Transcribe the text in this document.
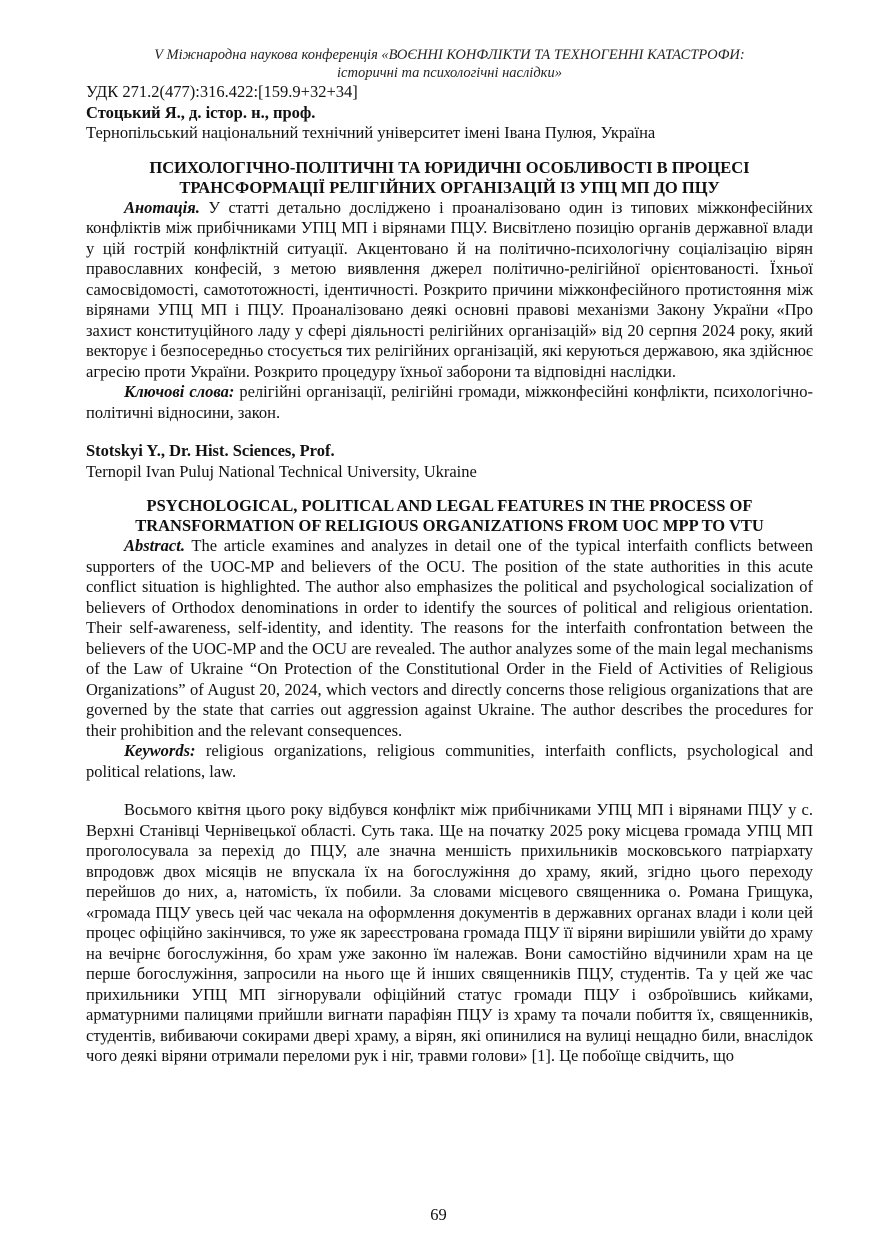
V Міжнародна наукова конференція «ВОЄННІ КОНФЛІКТИ ТА ТЕХНОГЕННІ КАТАСТРОФИ:

історичні та психологічні наслідки»

УДК 271.2(477):316.422:[159.9+32+34]

Стоцький Я., д. істор. н., проф.

Тернопільський національний технічний університет імені Івана Пулюя, Україна

ПСИХОЛОГІЧНО-ПОЛІТИЧНІ ТА ЮРИДИЧНІ ОСОБЛИВОСТІ В ПРОЦЕСІ

ТРАНСФОРМАЦІЇ РЕЛІГІЙНИХ ОРГАНІЗАЦІЙ ІЗ УПЦ МП ДО ПЦУ

Анотація. У статті детально досліджено і проаналізовано один із типових міжконфесійних конфліктів між прибічниками УПЦ МП і вірянами ПЦУ. Висвітлено позицію органів державної влади у цій гострій конфліктній ситуації. Акцентовано й на політично-психологічну соціалізацію вірян православних конфесій, з метою виявлення джерел політично-релігійної орієнтованості. Їхньої самосвідомості, самототожності, ідентичності. Розкрито причини міжконфесійного протистояння між вірянами УПЦ МП і ПЦУ. Проаналізовано деякі основні правові механізми Закону України «Про захист конституційного ладу у сфері діяльності релігійних організацій» від 20 серпня 2024 року, який векторує і безпосередньо стосується тих релігійних організацій, які керуються державою, яка здійснює агресію проти України. Розкрито процедуру їхньої заборони та відповідні наслідки.

Ключові слова: релігійні організації, релігійні громади, міжконфесійні конфлікти, психологічно-політичні відносини, закон.

Stotskyi Y., Dr. Hist. Sciences, Prof.

Ternopil Ivan Puluj National Technical University, Ukraine

PSYCHOLOGICAL, POLITICAL AND LEGAL FEATURES IN THE PROCESS OF

TRANSFORMATION OF RELIGIOUS ORGANIZATIONS FROM UOC MPP TO VTU

Abstract. The article examines and analyzes in detail one of the typical interfaith conflicts between supporters of the UOC-MP and believers of the OCU. The position of the state authorities in this acute conflict situation is highlighted. The author also emphasizes the political and psychological socialization of believers of Orthodox denominations in order to identify the sources of political and religious orientation. Their self-awareness, self-identity, and identity. The reasons for the interfaith confrontation between the believers of the UOC-MP and the OCU are revealed. The author analyzes some of the main legal mechanisms of the Law of Ukraine “On Protection of the Constitutional Order in the Field of Activities of Religious Organizations” of August 20, 2024, which vectors and directly concerns those religious organizations that are governed by the state that carries out aggression against Ukraine. The author describes the procedures for their prohibition and the relevant consequences.

Keywords: religious organizations, religious communities, interfaith conflicts, psychological and political relations, law.

Восьмого квітня цього року відбувся конфлікт між прибічниками УПЦ МП і вірянами ПЦУ у с. Верхні Станівці Чернівецької області. Суть така. Ще на початку 2025 року місцева громада УПЦ МП проголосувала за перехід до ПЦУ, але значна меншість прихильників московського патріархату впродовж двох місяців не впускала їх на богослужіння до храму, який, згідно цього переходу перейшов до них, а, натомість, їх побили. За словами місцевого священника о. Романа Грищука, «громада ПЦУ увесь цей час чекала на оформлення документів в державних органах влади і коли цей процес офіційно закінчився, то уже як зареєстрована громада ПЦУ її віряни вирішили увійти до храму на вечірнє богослужіння, бо храм уже законно їм належав. Вони самостійно відчинили храм на це перше богослужіння, запросили на нього ще й інших священників ПЦУ, студентів. Та у цей же час прихильники УПЦ МП зігнорували офіційний статус громади ПЦУ і озброївшись кийками, арматурними палицями прийшли вигнати парафіян ПЦУ із храму та почали побиття їх, священників, студентів, вибиваючи сокирами двері храму, а вірян, які опинилися на вулиці нещадно били, внаслідок чого деякі віряни отримали переломи рук і ніг, травми голови» [1]. Це побоїще свідчить, що

69
